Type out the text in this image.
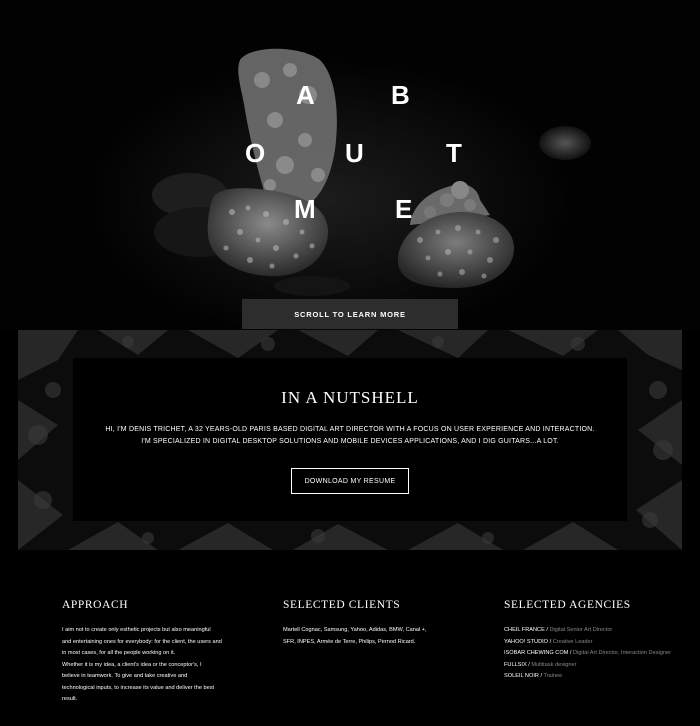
A	B
O	U	T
M	E
SCROLL TO LEARN MORE
IN A NUTSHELL

HI, I'M DENIS TRICHET, A 32 YEARS-OLD PARIS BASED DIGITAL ART DIRECTOR WITH A FOCUS ON USER EXPERIENCE AND INTERACTION.
I'M SPECIALIZED IN DIGITAL DESKTOP SOLUTIONS AND MOBILE DEVICES APPLICATIONS, AND I DIG GUITARS...A LOT.

DOWNLOAD MY RESUME
APPROACH
I aim not to create only esthetic projects but also meaningful
and entertaining ones for everybody: for the client, the users and
in most cases, for all the people working on it.
Whether it is my idea, a client's idea or the conceptor's, I
believe in teamwork. To give and take creative and
technological inputs, to increase its value and deliver the best
result.
SELECTED CLIENTS
Martell Cognac, Samsung, Yahoo, Adidas, BMW, Canal +,
SFR, INPES, Armée de Terre, Philips, Pernod Ricard.
SELECTED AGENCIES
CHEIL FRANCE / Digital Senior Art Director
YAHOO! STUDIO / Creative Leader
ISOBAR CHEWING COM / Digital Art Director, Interaction Designer
FULLSIX / Multitask designer
SOLEIL NOIR / Trainee
